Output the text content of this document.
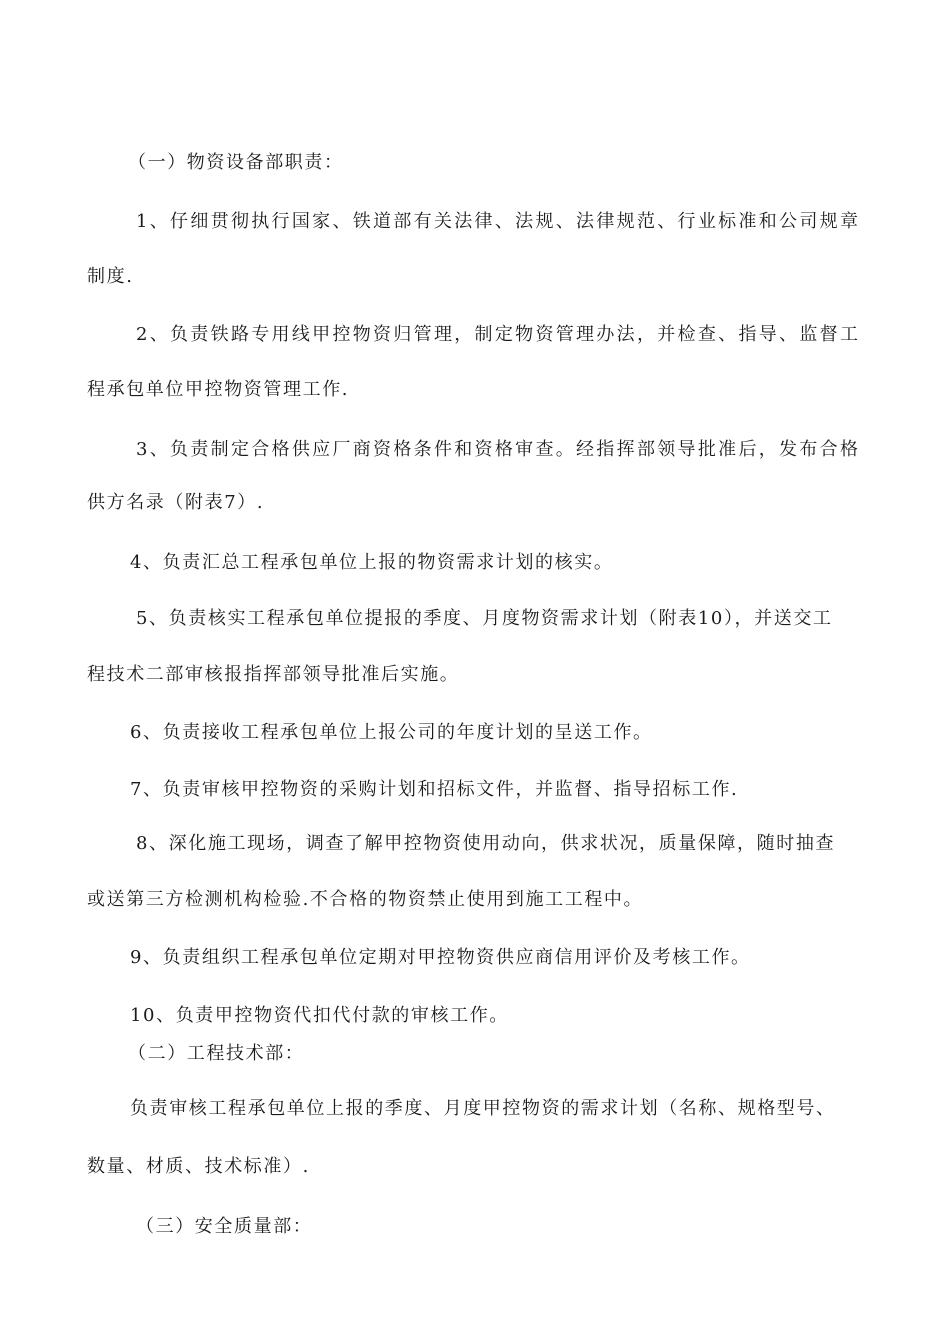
（一）物资设备部职责：

1、仔细贯彻执行国家、铁道部有关法律、法规、法律规范、行业标准和公司规章

制度.

2、负责铁路专用线甲控物资归管理，制定物资管理办法，并检查、指导、监督工

程承包单位甲控物资管理工作.

3、负责制定合格供应厂商资格条件和资格审查。经指挥部领导批准后，发布合格

供方名录（附表7）.

4、负责汇总工程承包单位上报的物资需求计划的核实。

5、负责核实工程承包单位提报的季度、月度物资需求计划（附表10），并送交工

程技术二部审核报指挥部领导批准后实施。

6、负责接收工程承包单位上报公司的年度计划的呈送工作。

7、负责审核甲控物资的采购计划和招标文件，并监督、指导招标工作.

8、深化施工现场，调查了解甲控物资使用动向，供求状况，质量保障，随时抽查

或送第三方检测机构检验.不合格的物资禁止使用到施工工程中。

9、负责组织工程承包单位定期对甲控物资供应商信用评价及考核工作。

10、负责甲控物资代扣代付款的审核工作。

（二）工程技术部：

负责审核工程承包单位上报的季度、月度甲控物资的需求计划（名称、规格型号、

数量、材质、技术标准）.

（三）安全质量部：
